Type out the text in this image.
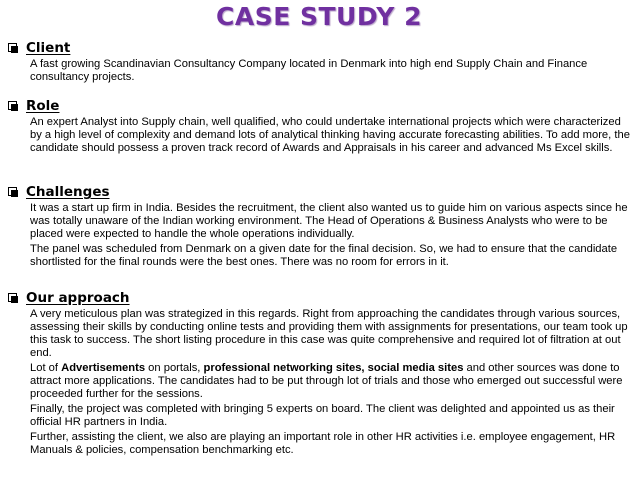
CASE STUDY 2
Client
A fast growing Scandinavian Consultancy Company located in Denmark into high end Supply Chain and Finance consultancy projects.
Role
An expert Analyst into Supply chain, well qualified, who could undertake international projects which were characterized by a high level of complexity and demand lots of analytical thinking having accurate forecasting abilities. To add more, the candidate should possess a proven track record of Awards and Appraisals in his career and advanced Ms Excel skills.
Challenges
It was a start up firm in India. Besides the recruitment, the client also wanted us to guide him on various aspects since he was totally unaware of the Indian working environment. The Head of Operations & Business Analysts who were to be placed were expected to handle the whole operations individually.
The panel was scheduled from Denmark on a given date for the final decision. So, we had to ensure that the candidate shortlisted for the final rounds were the best ones. There was no room for errors in it.
Our approach
A very meticulous plan was strategized in this regards. Right from approaching the candidates through various sources, assessing their skills by conducting online tests and providing them with assignments for presentations, our team took up this task to success. The short listing procedure in this case was quite comprehensive and required lot of filtration at out end.
Lot of Advertisements on portals, professional networking sites, social media sites and other sources was done to attract more applications. The candidates had to be put through lot of trials and those who emerged out successful were proceeded further for the sessions.
Finally, the project was completed with bringing 5 experts on board. The client was delighted and appointed us as their official HR partners in India.
Further, assisting the client, we also are playing an important role in other HR activities i.e. employee engagement, HR Manuals & policies, compensation benchmarking etc.
